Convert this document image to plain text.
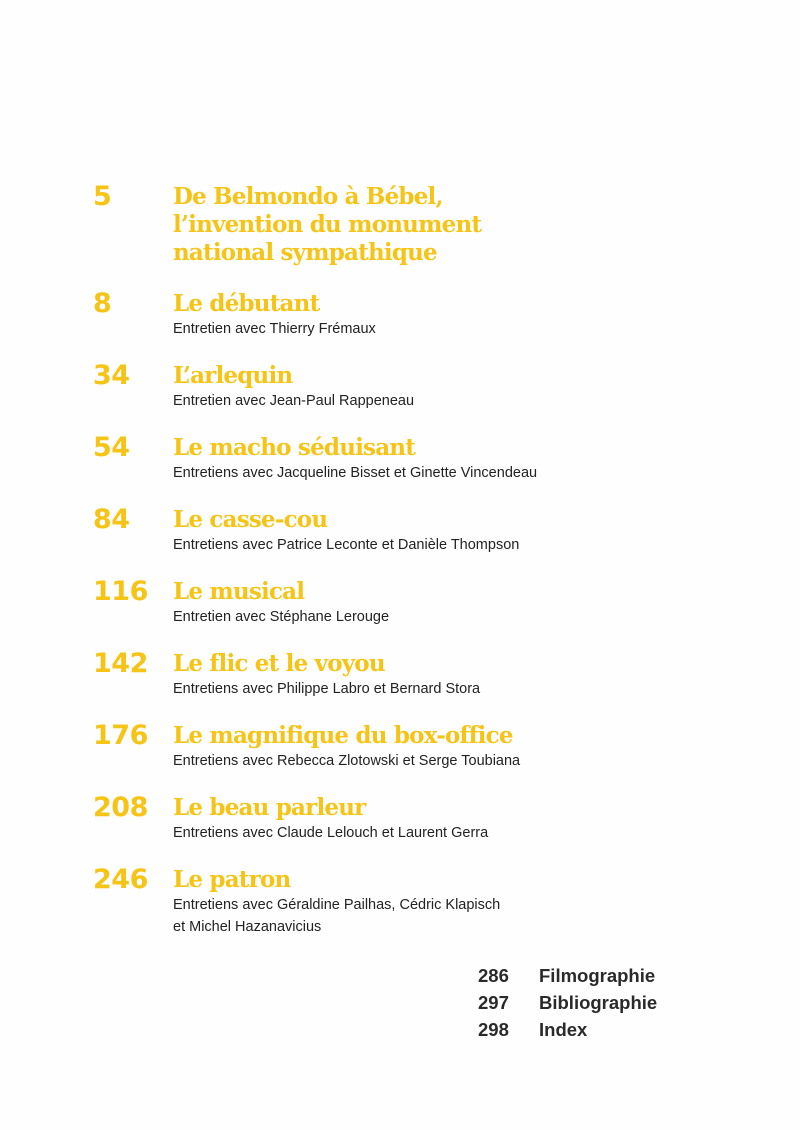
5	De Belmondo à Bébel,
l’invention du monument
national sympathique
8	Le débutant
Entretien avec Thierry Frémaux
34 L’arlequin
Entretien avec Jean-Paul Rappeneau
54 Le macho séduisant
Entretiens avec Jacqueline Bisset et Ginette Vincendeau
84 Le casse-cou
Entretiens avec Patrice Leconte et Danièle Thompson
116 Le musical
Entretien avec Stéphane Lerouge
142 Le flic et le voyou
Entretiens avec Philippe Labro et Bernard Stora
176 Le magnifique du box-office
Entretiens avec Rebecca Zlotowski et Serge Toubiana
208 Le beau parleur
Entretiens avec Claude Lelouch et Laurent Gerra
246 Le patron
Entretiens avec Géraldine Pailhas, Cédric Klapisch
et Michel Hazanavicius
286	Filmographie
297	Bibliographie
298	Index
